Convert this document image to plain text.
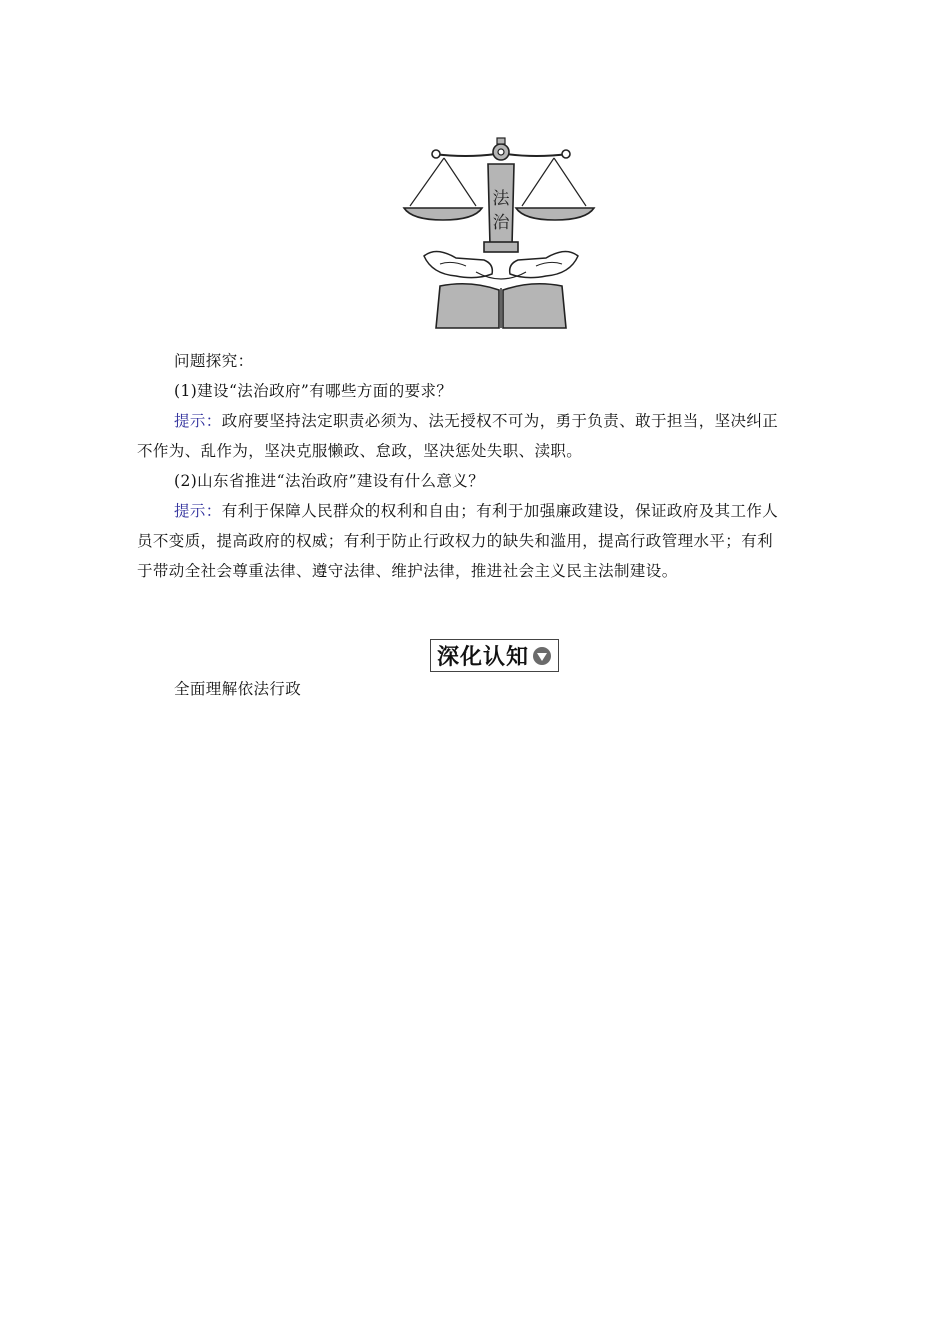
法
治

问题探究：

(1)建设“法治政府”有哪些方面的要求？

提示：政府要坚持法定职责必须为、法无授权不可为，勇于负责、敢于担当，坚决纠正

不作为、乱作为，坚决克服懒政、怠政，坚决惩处失职、渎职。

(2)山东省推进“法治政府”建设有什么意义？

提示：有利于保障人民群众的权利和自由；有利于加强廉政建设，保证政府及其工作人

员不变质，提高政府的权威；有利于防止行政权力的缺失和滥用，提高行政管理水平；有利

于带动全社会尊重法律、遵守法律、维护法律，推进社会主义民主法制建设。

深化认知

全面理解依法行政
